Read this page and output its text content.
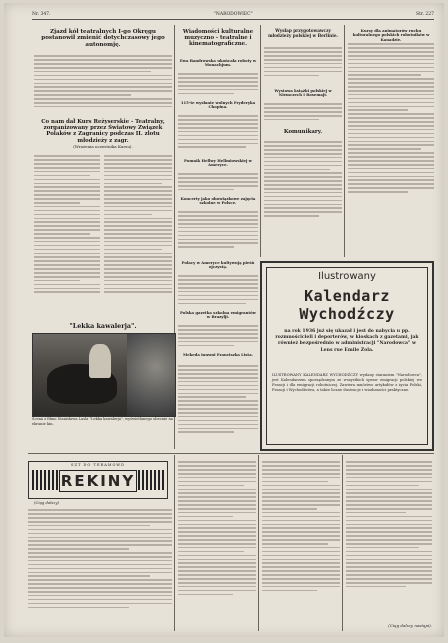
Nr. 347.	"NARODOWIEC"	Str. 227
Zjazd kół teatralnych I-go Okręgu postanowił zmienić dotychczasowy jego autonomję.
Co nam dał Kurs Reżyserskie - Teatralny, zorganizowany przez Światowy Związek Polaków z Zagranicy podczas II. zlotu młodzieży z zagr.
(Wrażenia uczestnika Kursu).
"Lekka kawalerja".
Scena z filmu Stanisława Lasla "Lekka kawalerja", wyświetlanego obecnie na ekranie kin.
Wiadomości kulturalne muzyczno - teatralne i kinematograficzne.
Ewa Bandrowska ukońcała roboty w Monachjum.
115-te wysłanie wolnych Fryderyka Chopina.
Pomnik Hellwy Hellmiowskiej w Ameryce.
Koncerty jako obowiązkowe zajęcia szkolne w Polsce.
Polacy w Ameryce kultywują pieśń ojczystą.
Polska gazetka szkolna emigrantów w Brazylji.
Mekeda innwni Franciszka Lista.
Wysłap przygotowawczy młodzieży polskiej w Berlinie.
Wystawa książki polskiej w Niemczech i Rosemajt.
Komunikary.
Kursy dla animatorów ruchu kulturalnego polskich robotników w Kanadzie.
Ilustrowany
Kalendarz
Wychodźczy
na rok 1936 już się ukazał i jest do nabycia u pp. rozmnościcieli i deporterów, w kioskach z gazetami, jak również bezpośrednio w administracji "Narodowca" w Lens rue Emile Zola.
ILUSTROWANY KALENDARZ WYCHODŹCZY wydany staraniem "Narodowca", jest Kalendarzem sporządzonym ze wszystkich spraw emigracji polskiej we Francji i dla emigracji robotniczej. Zawiera mnóstwo artykułów z życia Polski, Francji i Wychodźstwa, a także liczne ilustracje i wiadomości praktyczne.
SZT DO TERAMOWD
REKINY
(Ciąg dalszy)
(Ciąg dalszy nastąpi).
